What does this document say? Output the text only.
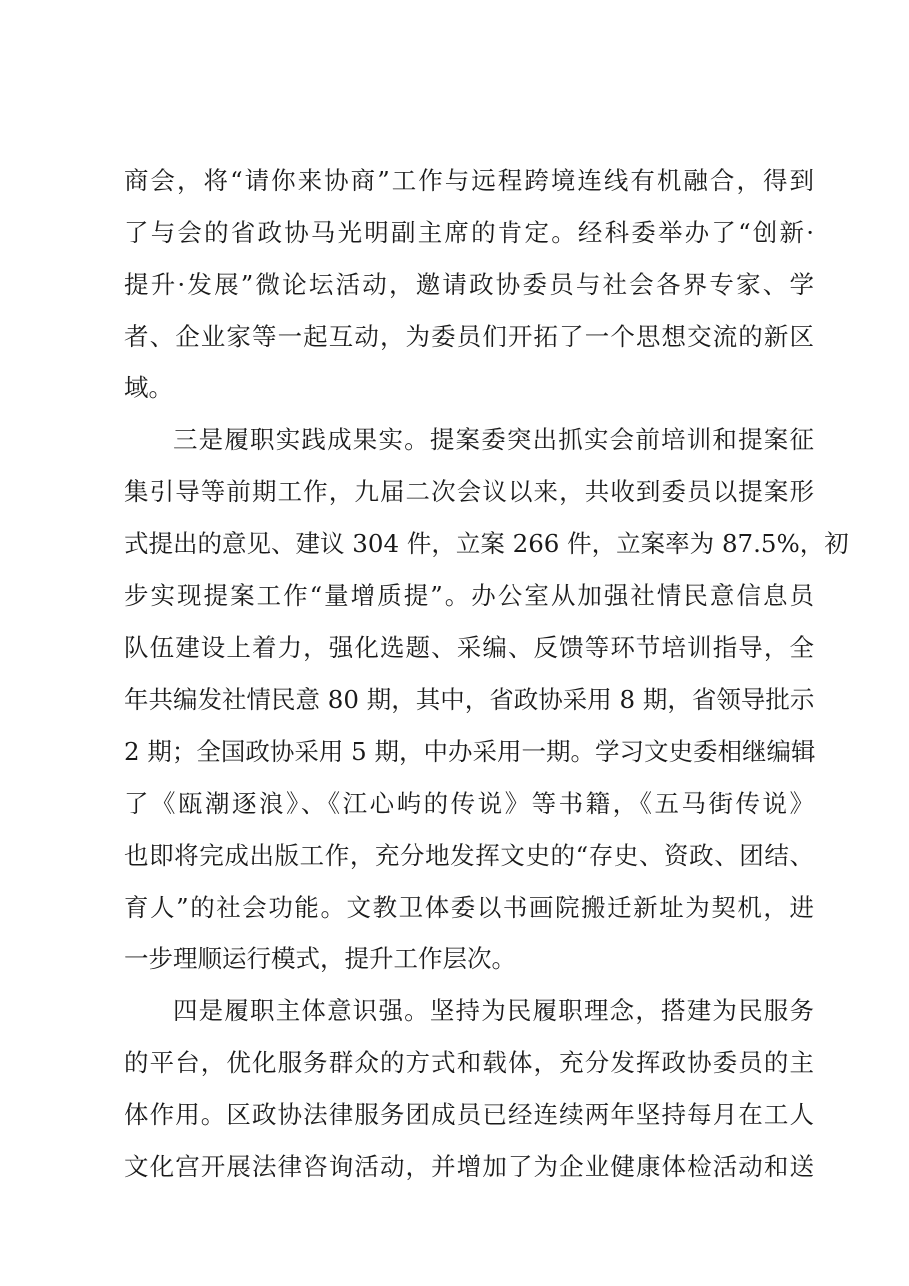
商会，将“请你来协商”工作与远程跨境连线有机融合，得到

了与会的省政协马光明副主席的肯定。经科委举办了“创新·

提升·发展”微论坛活动，邀请政协委员与社会各界专家、学

者、企业家等一起互动，为委员们开拓了一个思想交流的新区

域。

三是履职实践成果实。提案委突出抓实会前培训和提案征

集引导等前期工作，九届二次会议以来，共收到委员以提案形

式提出的意见、建议 304 件，立案 266 件，立案率为 87.5%，初

步实现提案工作“量增质提”。办公室从加强社情民意信息员

队伍建设上着力，强化选题、采编、反馈等环节培训指导，全

年共编发社情民意 80 期，其中，省政协采用 8 期，省领导批示

2 期；全国政协采用 5 期，中办采用一期。学习文史委相继编辑

了《瓯潮逐浪》、《江心屿的传说》等书籍，《五马街传说》

也即将完成出版工作，充分地发挥文史的“存史、资政、团结、

育人”的社会功能。文教卫体委以书画院搬迁新址为契机，进

一步理顺运行模式，提升工作层次。

四是履职主体意识强。坚持为民履职理念，搭建为民服务

的平台，优化服务群众的方式和载体，充分发挥政协委员的主

体作用。区政协法律服务团成员已经连续两年坚持每月在工人

文化宫开展法律咨询活动，并增加了为企业健康体检活动和送
